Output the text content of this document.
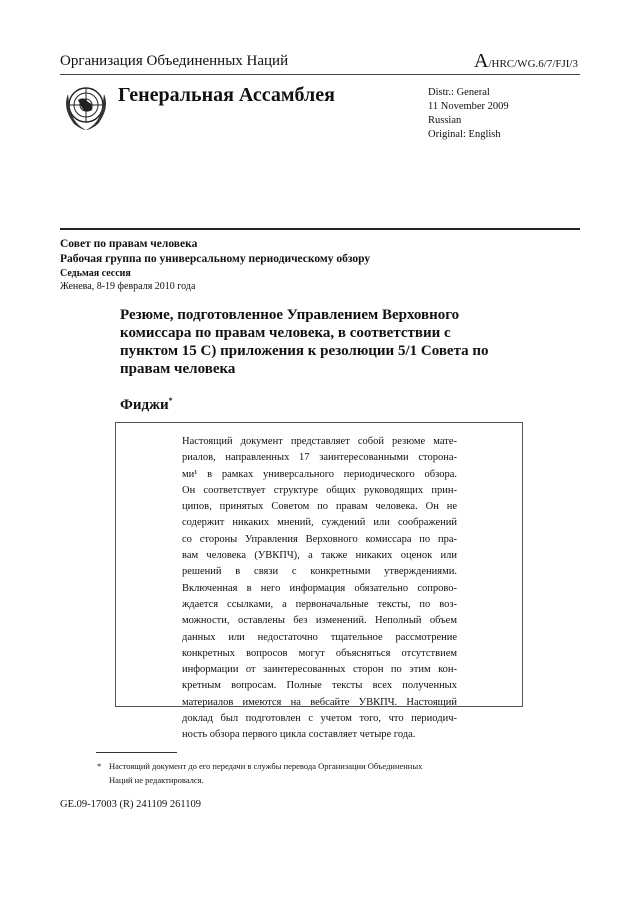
Организация Объединенных Наций	A/HRC/WG.6/7/FJI/3
Генеральная Ассамблея	Distr.: General
11 November 2009
Russian
Original: English
Совет по правам человека
Рабочая группа по универсальному периодическому обзору
Седьмая сессия
Женева, 8-19 февраля 2010 года
Резюме, подготовленное Управлением Верховного
комиссара по правам человека, в соответствии с
пунктом 15 С) приложения к резолюции 5/1 Совета по
правам человека
Фиджи*
Настоящий документ представляет собой резюме мате-
риалов, направленных 17 заинтересованными сторона-
ми¹ в рамках универсального периодического обзора.
Он соответствует структуре общих руководящих прин-
ципов, принятых Советом по правам человека. Он не
содержит никаких мнений, суждений или соображений
со стороны Управления Верховного комиссара по пра-
вам человека (УВКПЧ), а также никаких оценок или
решений в связи с конкретными утверждениями.
Включенная в него информация обязательно сопрово-
ждается ссылками, а первоначальные тексты, по воз-
можности, оставлены без изменений. Неполный объем
данных или недостаточно тщательное рассмотрение
конкретных вопросов могут объясняться отсутствием
информации от заинтересованных сторон по этим кон-
кретным вопросам. Полные тексты всех полученных
материалов имеются на вебсайте УВКПЧ. Настоящий
доклад был подготовлен с учетом того, что периодич-
ность обзора первого цикла составляет четыре года.
* Настоящий документ до его передачи в службы перевода Организации Объединенных
Наций не редактировался.
GE.09-17003 (R) 241109 261109
